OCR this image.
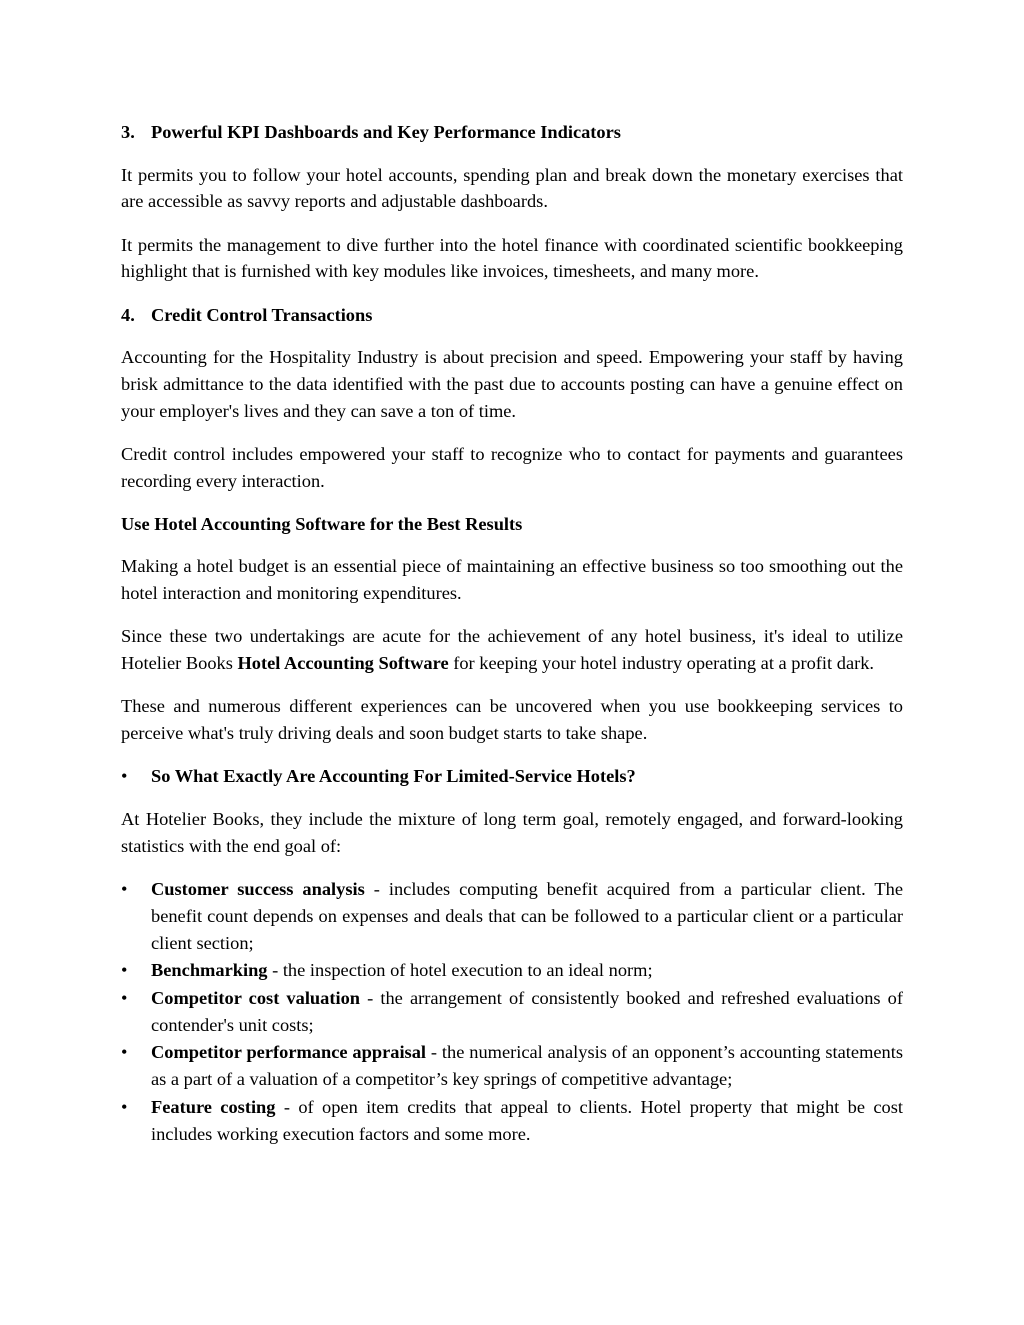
3. Powerful KPI Dashboards and Key Performance Indicators

It permits you to follow your hotel accounts, spending plan and break down the monetary exercises that are accessible as savvy reports and adjustable dashboards.

It permits the management to dive further into the hotel finance with coordinated scientific bookkeeping highlight that is furnished with key modules like invoices, timesheets, and many more.

4. Credit Control Transactions

Accounting for the Hospitality Industry is about precision and speed. Empowering your staff by having brisk admittance to the data identified with the past due to accounts posting can have a genuine effect on your employer's lives and they can save a ton of time.

Credit control includes empowered your staff to recognize who to contact for payments and guarantees recording every interaction.

Use Hotel Accounting Software for the Best Results

Making a hotel budget is an essential piece of maintaining an effective business so too smoothing out the hotel interaction and monitoring expenditures.

Since these two undertakings are acute for the achievement of any hotel business, it's ideal to utilize Hotelier Books Hotel Accounting Software for keeping your hotel industry operating at a profit dark.

These and numerous different experiences can be uncovered when you use bookkeeping services to perceive what's truly driving deals and soon budget starts to take shape.

• So What Exactly Are Accounting For Limited-Service Hotels?

At Hotelier Books, they include the mixture of long term goal, remotely engaged, and forward-looking statistics with the end goal of:

• Customer success analysis - includes computing benefit acquired from a particular client. The benefit count depends on expenses and deals that can be followed to a particular client or a particular client section;
• Benchmarking - the inspection of hotel execution to an ideal norm;
• Competitor cost valuation - the arrangement of consistently booked and refreshed evaluations of contender's unit costs;
• Competitor performance appraisal - the numerical analysis of an opponent’s accounting statements as a part of a valuation of a competitor’s key springs of competitive advantage;
• Feature costing - of open item credits that appeal to clients. Hotel property that might be cost includes working execution factors and some more.
